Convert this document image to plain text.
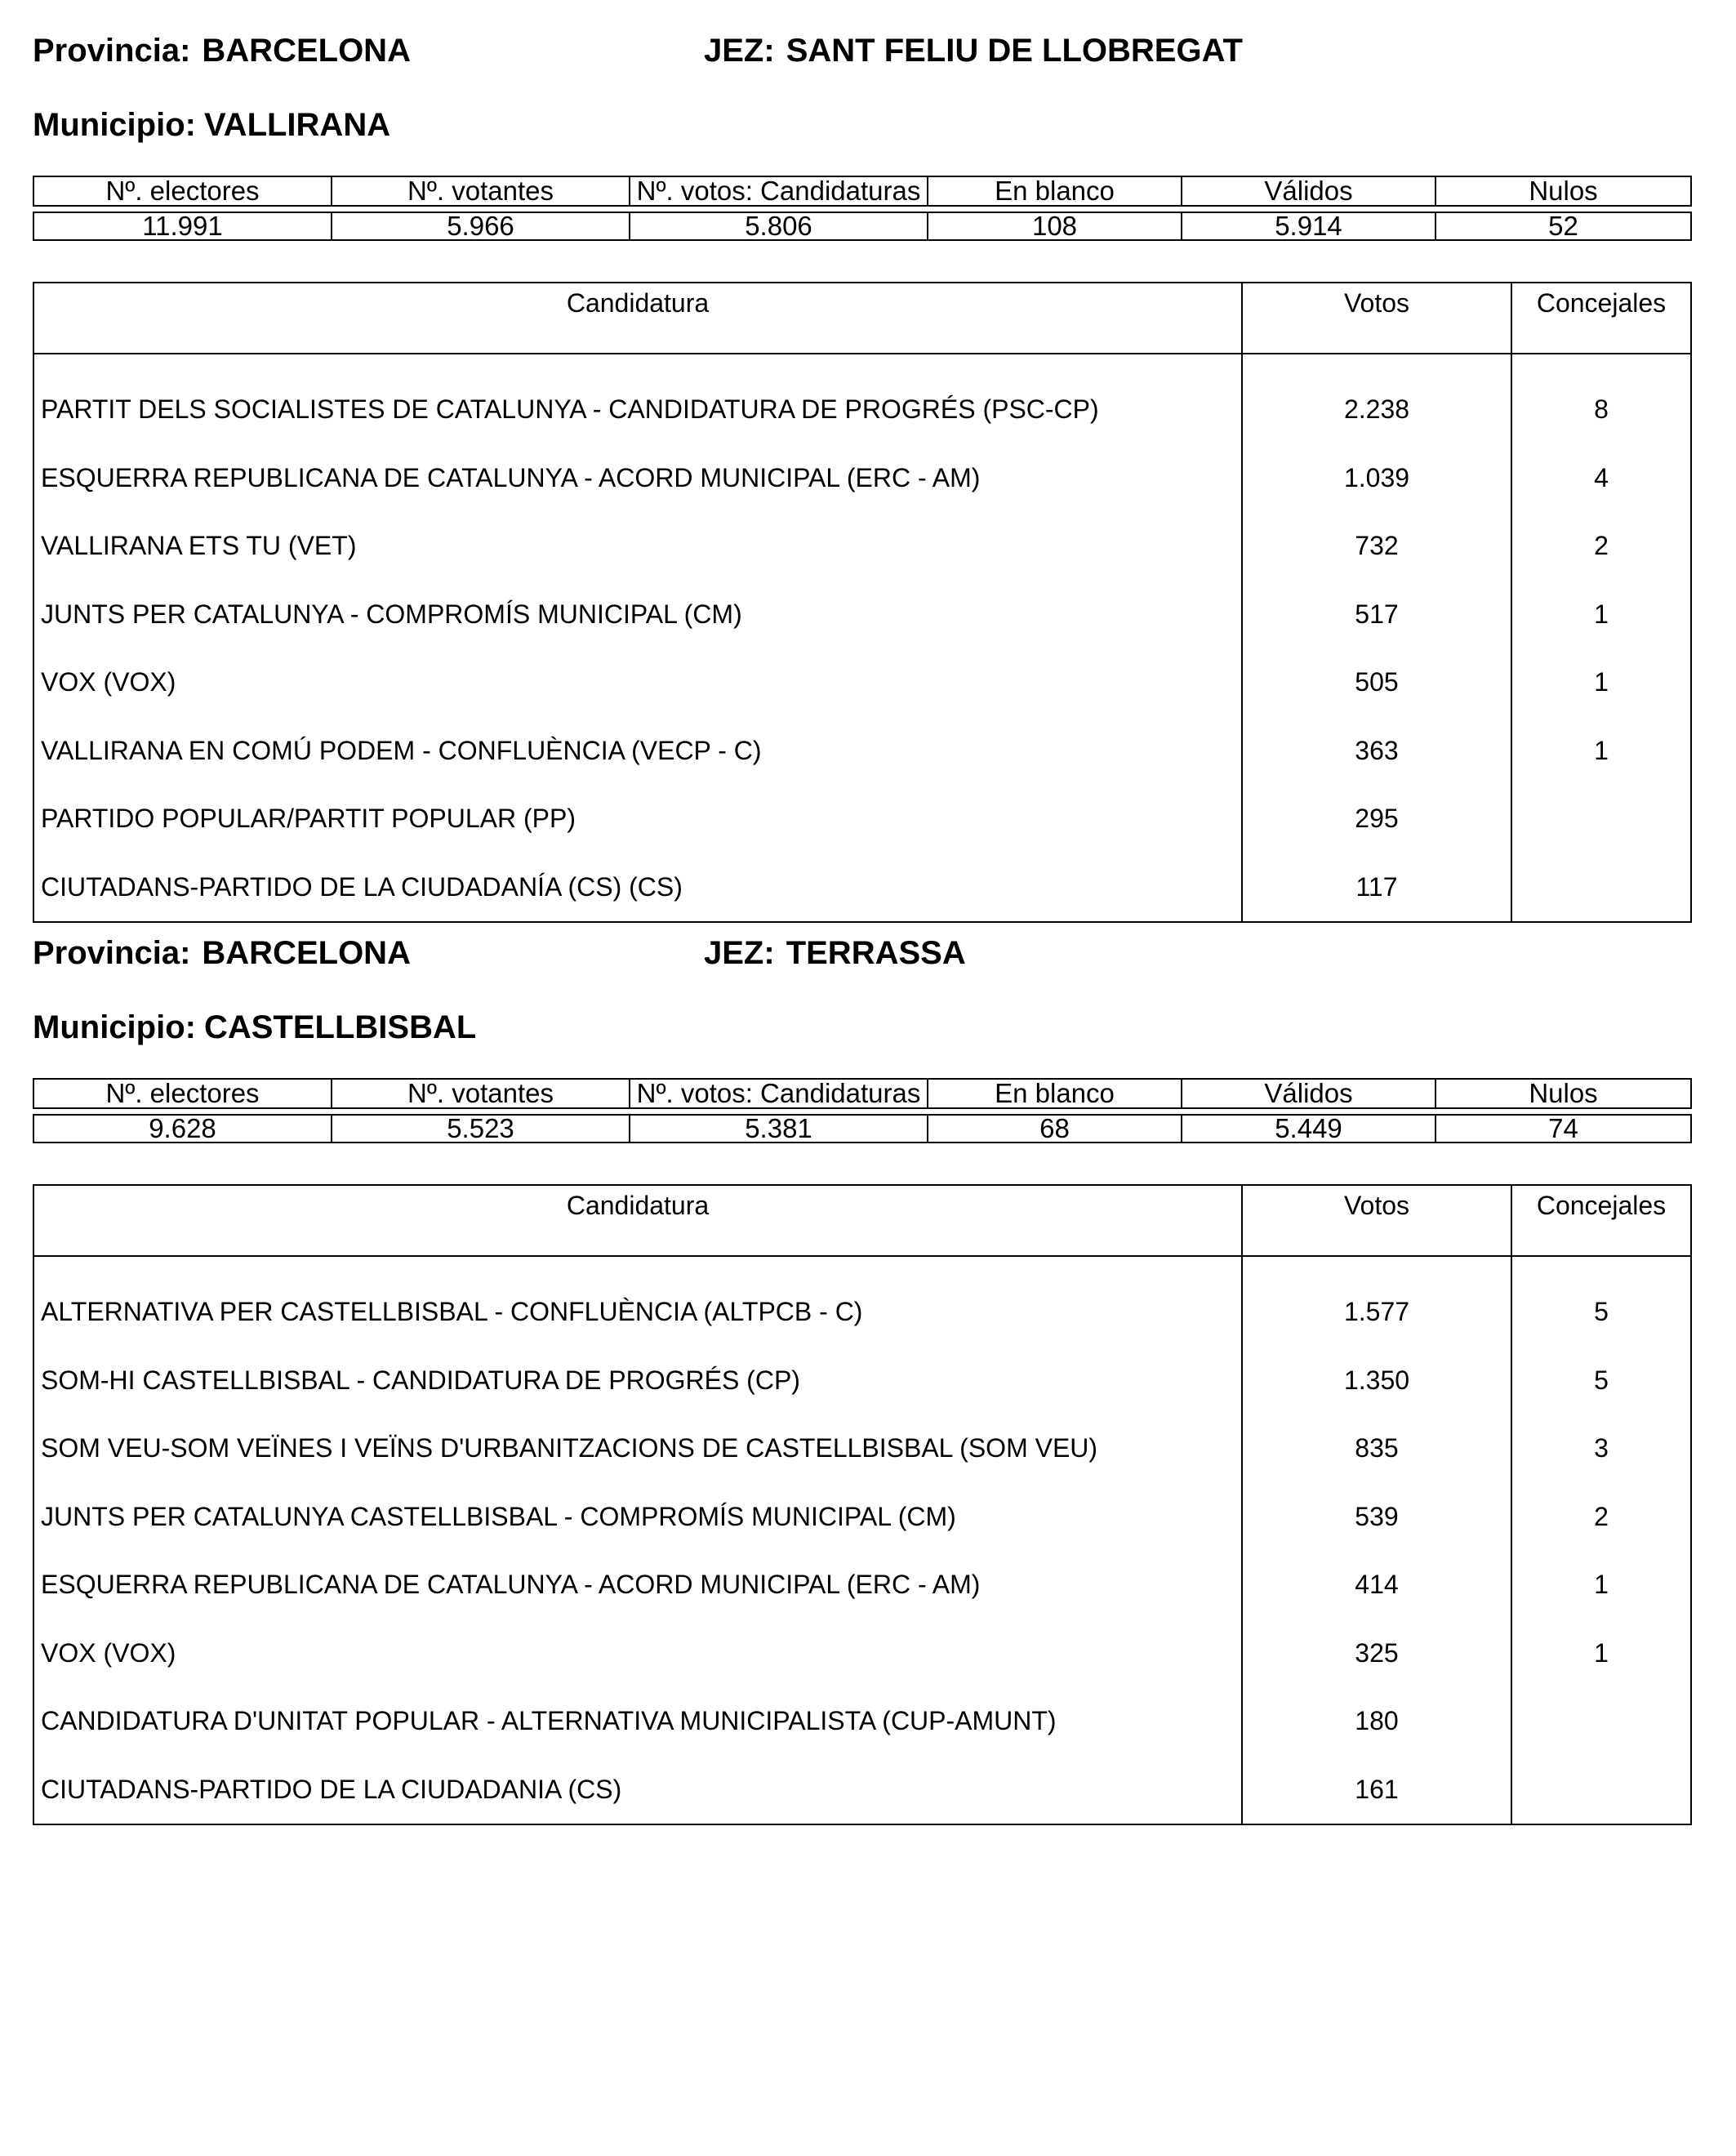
Provincia: BARCELONA	JEZ: SANT FELIU DE LLOBREGAT
Municipio: VALLIRANA
Nº. electores	Nº. votantes	Nº. votos: Candidaturas	En blanco	Válidos	Nulos

11.991	5.966	5.806	108	5.914	52
Candidatura	Votos	Concejales
PARTIT DELS SOCIALISTES DE CATALUNYA - CANDIDATURA DE PROGRÉS (PSC-CP)	2.238	8
ESQUERRA REPUBLICANA DE CATALUNYA - ACORD MUNICIPAL (ERC - AM)	1.039	4
VALLIRANA ETS TU (VET)	732	2
JUNTS PER CATALUNYA - COMPROMÍS MUNICIPAL (CM)	517	1
VOX (VOX)	505	1
VALLIRANA EN COMÚ PODEM - CONFLUÈNCIA (VECP - C)	363	1
PARTIDO POPULAR/PARTIT POPULAR (PP)	295	
CIUTADANS-PARTIDO DE LA CIUDADANÍA (CS) (CS)	117	
Provincia: BARCELONA	JEZ: TERRASSA
Municipio: CASTELLBISBAL
Nº. electores	Nº. votantes	Nº. votos: Candidaturas	En blanco	Válidos	Nulos

9.628	5.523	5.381	68	5.449	74
Candidatura	Votos	Concejales
ALTERNATIVA PER CASTELLBISBAL - CONFLUÈNCIA (ALTPCB - C)	1.577	5
SOM-HI CASTELLBISBAL - CANDIDATURA DE PROGRÉS (CP)	1.350	5
SOM VEU-SOM VEÏNES I VEÏNS D'URBANITZACIONS DE CASTELLBISBAL (SOM VEU)	835	3
JUNTS PER CATALUNYA CASTELLBISBAL - COMPROMÍS MUNICIPAL (CM)	539	2
ESQUERRA REPUBLICANA DE CATALUNYA - ACORD MUNICIPAL (ERC - AM)	414	1
VOX (VOX)	325	1
CANDIDATURA D'UNITAT POPULAR - ALTERNATIVA MUNICIPALISTA (CUP-AMUNT)	180	
CIUTADANS-PARTIDO DE LA CIUDADANIA (CS)	161	
